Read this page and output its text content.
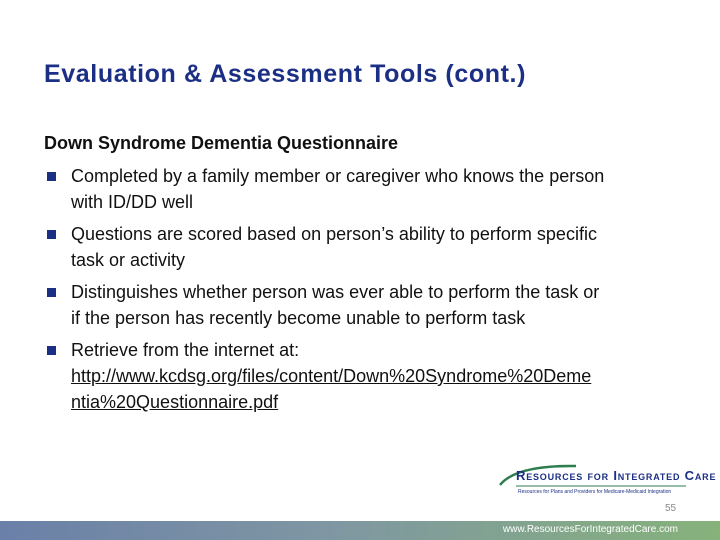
Evaluation & Assessment Tools (cont.)
Down Syndrome Dementia Questionnaire
Completed by a family member or caregiver who knows the person
with ID/DD well
Questions are scored based on person’s ability to perform specific
task or activity
Distinguishes whether person was ever able to perform the task or
if the person has recently become unable to perform task
Retrieve from the internet at:
http://www.kcdsg.org/files/content/Down%20Syndrome%20Deme
ntia%20Questionnaire.pdf
Resources for Integrated Care
Resources for Plans and Providers for Medicare-Medicaid Integration
55
www.ResourcesForIntegratedCare.com
